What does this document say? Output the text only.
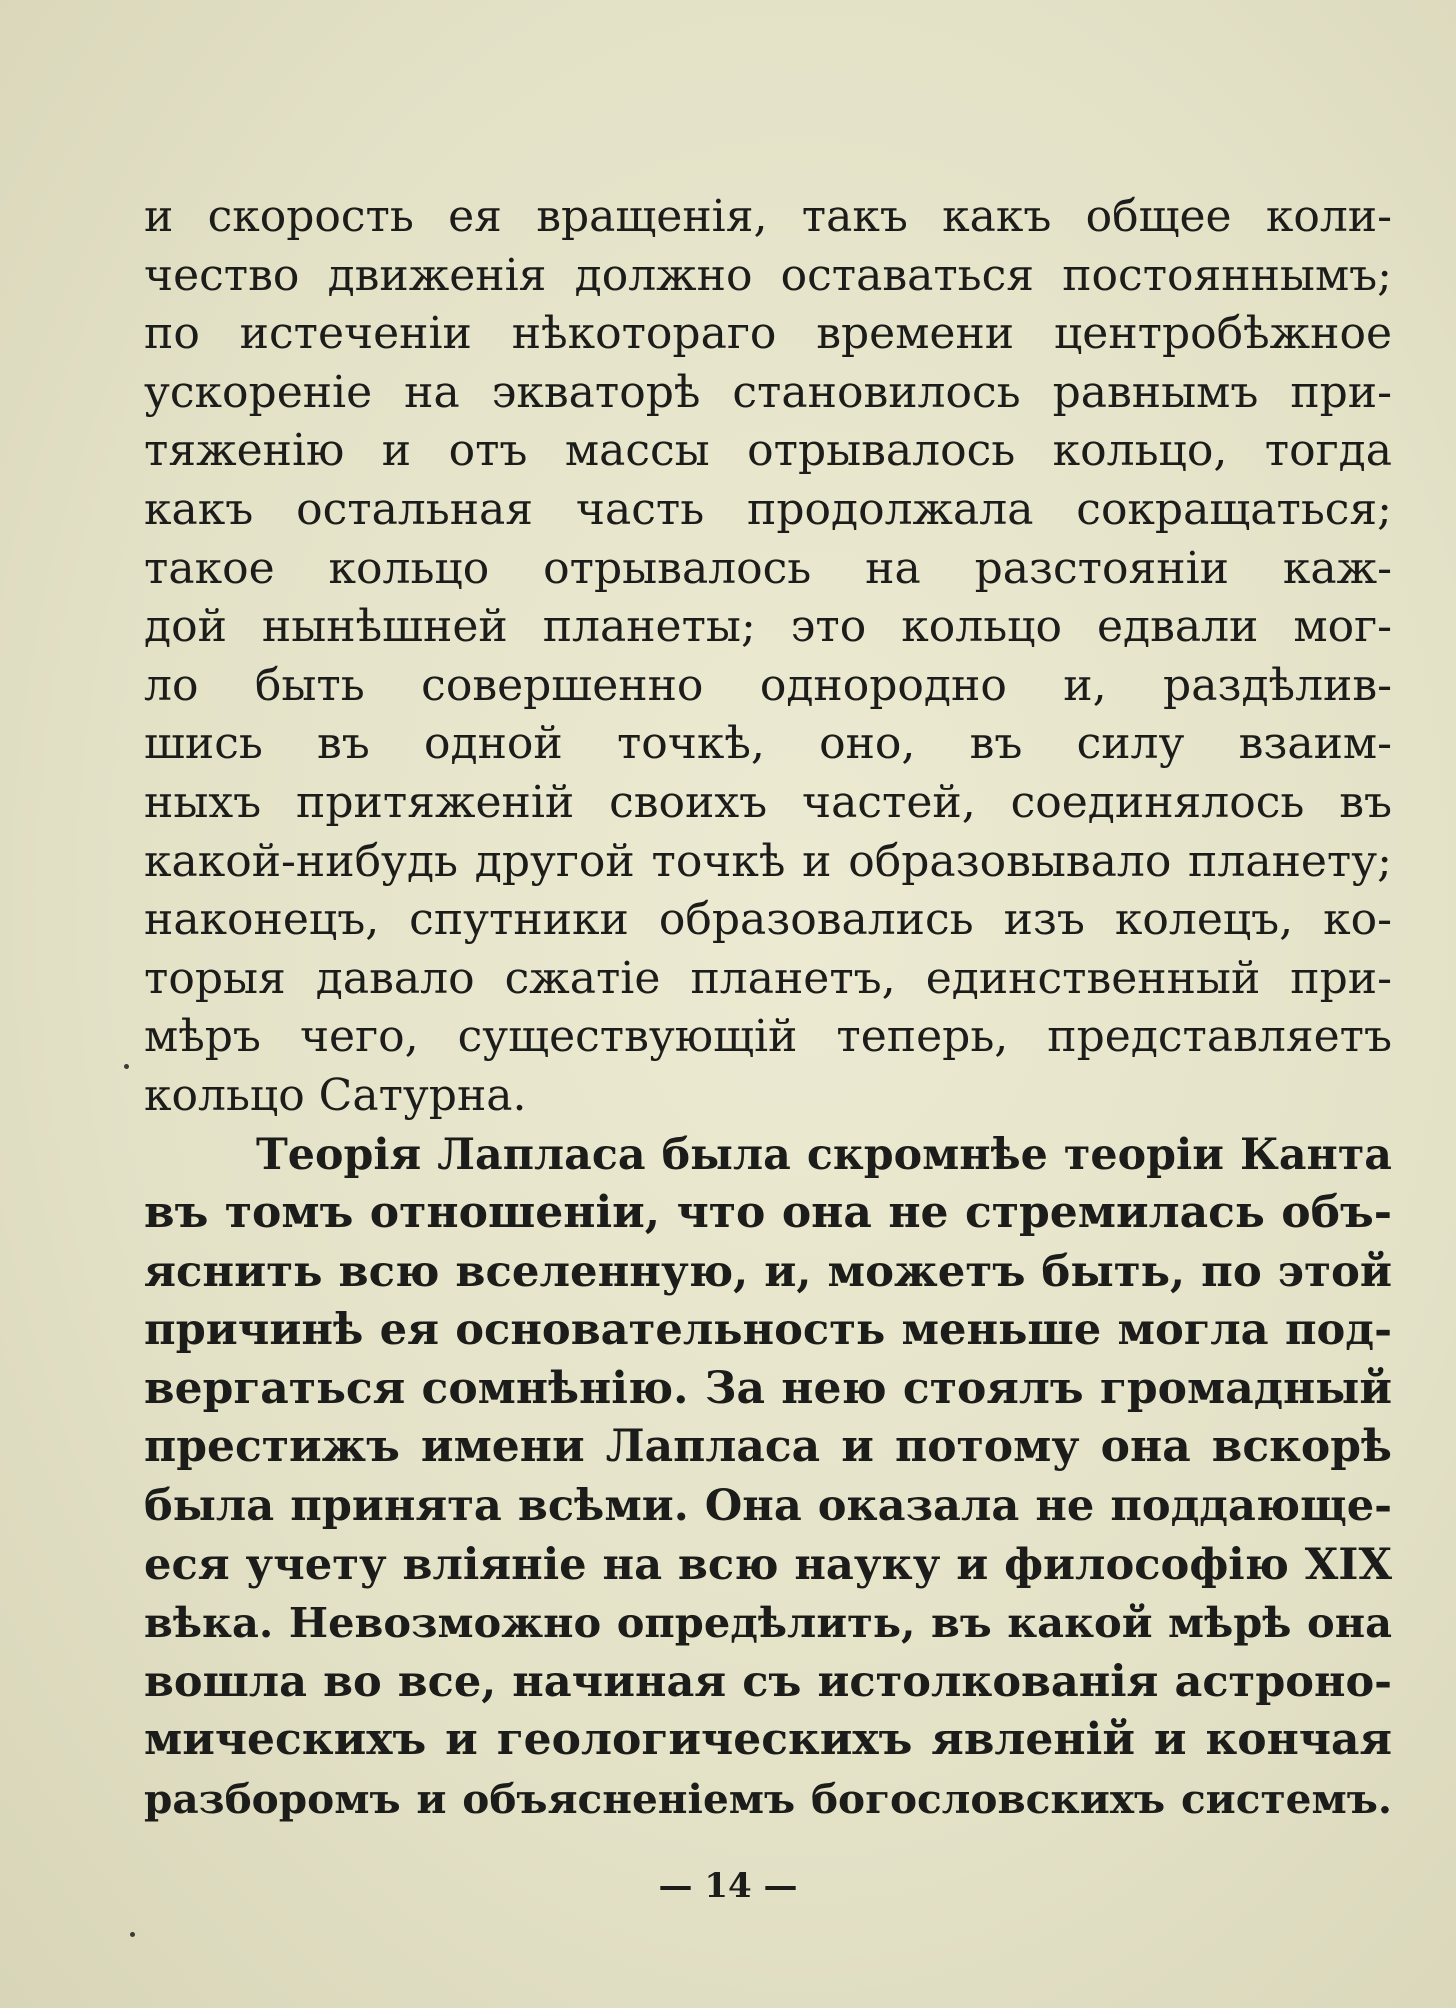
и скорость ея вращенія, такъ какъ общее коли-
чество движенія должно оставаться постояннымъ;
по истеченіи нѣкотораго времени центробѣжное
ускореніе на экваторѣ становилось равнымъ при-
тяженію и отъ массы отрывалось кольцо, тогда
какъ остальная часть продолжала сокращаться;
такое кольцо отрывалось на разстояніи каж-
дой нынѣшней планеты; это кольцо едвали мог-
ло быть совершенно однородно и, раздѣлив-
шись въ одной точкѣ, оно, въ силу взаим-
ныхъ притяженій своихъ частей, соединялось въ
какой-нибудь другой точкѣ и образовывало планету;
наконецъ, спутники образовались изъ колецъ, ко-
торыя давало сжатіе планетъ, единственный при-
мѣръ чего, существующій теперь, представляетъ
кольцо Сатурна.
Теорія Лапласа была скромнѣе теоріи Канта
въ томъ отношеніи, что она не стремилась объ-
яснить всю вселенную, и, можетъ быть, по этой
причинѣ ея основательность меньше могла под-
вергаться сомнѣнію. За нею стоялъ громадный
престижъ имени Лапласа и потому она вскорѣ
была принята всѣми. Она оказала не поддающе-
еся учету вліяніе на всю науку и философію XIX
вѣка. Невозможно опредѣлить, въ какой мѣрѣ она
вошла во все, начиная съ истолкованія астроно-
мическихъ и геологическихъ явленій и кончая
разборомъ и объясненіемъ богословскихъ системъ.
— 14 —
